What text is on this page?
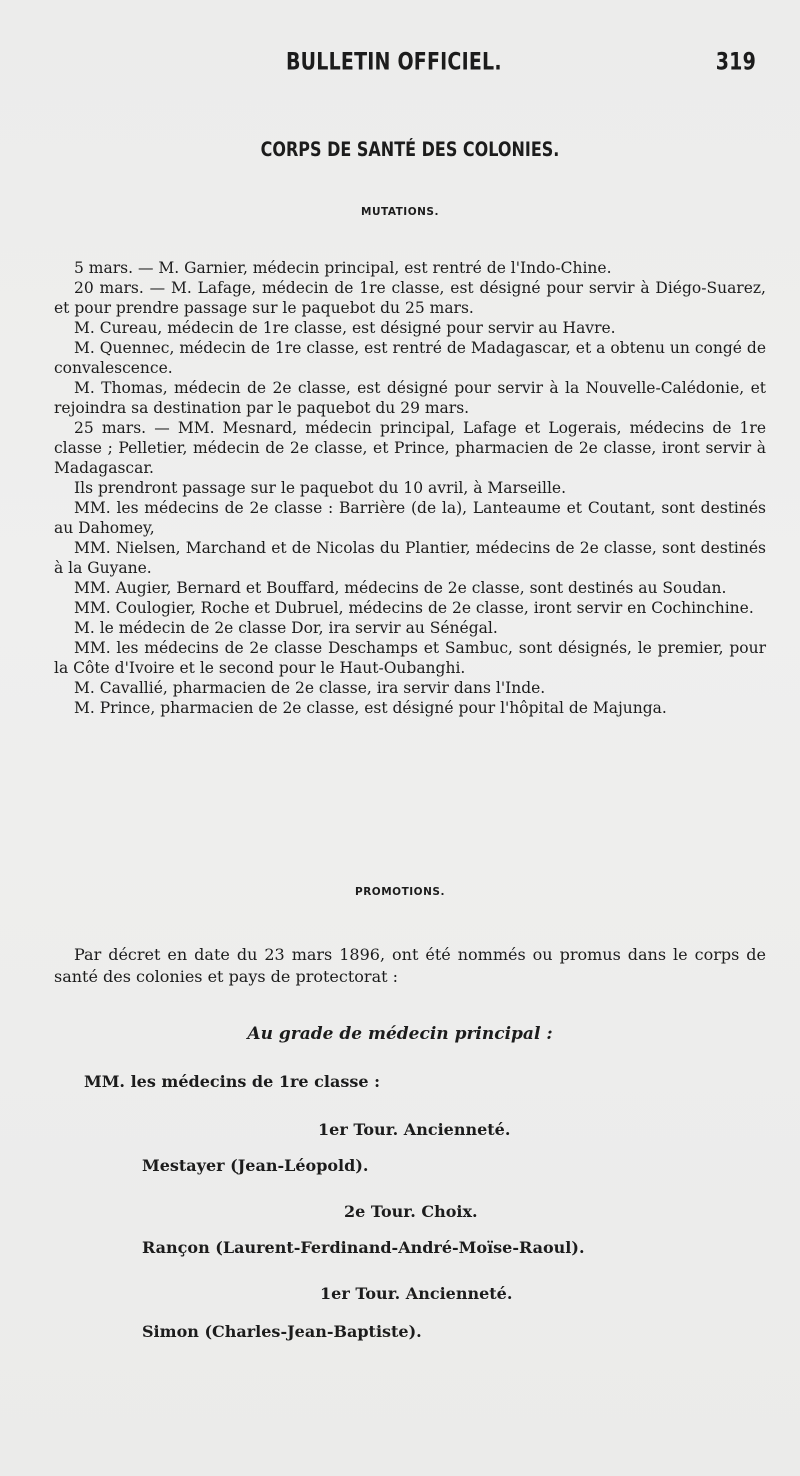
BULLETIN OFFICIEL.	319
CORPS DE SANTÉ DES COLONIES.
MUTATIONS.

5 mars. — M. Garnier, médecin principal, est rentré de l'Indo-Chine.

20 mars. — M. Lafage, médecin de 1re classe, est désigné pour servir à Diégo-Suarez, et pour prendre passage sur le paquebot du 25 mars.

M. Cureau, médecin de 1re classe, est désigné pour servir au Havre.

M. Quennec, médecin de 1re classe, est rentré de Madagascar, et a obtenu un congé de convalescence.

M. Thomas, médecin de 2e classe, est désigné pour servir à la Nouvelle-Calédonie, et rejoindra sa destination par le paquebot du 29 mars.

25 mars. — MM. Mesnard, médecin principal, Lafage et Logerais, médecins de 1re classe ; Pelletier, médecin de 2e classe, et Prince, pharmacien de 2e classe, iront servir à Madagascar.

Ils prendront passage sur le paquebot du 10 avril, à Marseille.

MM. les médecins de 2e classe : Barrière (de la), Lanteaume et Coutant, sont destinés au Dahomey,

MM. Nielsen, Marchand et de Nicolas du Plantier, médecins de 2e classe, sont destinés à la Guyane.

MM. Augier, Bernard et Bouffard, médecins de 2e classe, sont destinés au Soudan.

MM. Coulogier, Roche et Dubruel, médecins de 2e classe, iront servir en Cochinchine.

M. le médecin de 2e classe Dor, ira servir au Sénégal.

MM. les médecins de 2e classe Deschamps et Sambuc, sont désignés, le premier, pour la Côte d'Ivoire et le second pour le Haut-Oubanghi.

M. Cavallié, pharmacien de 2e classe, ira servir dans l'Inde.

M. Prince, pharmacien de 2e classe, est désigné pour l'hôpital de Majunga.

PROMOTIONS.

Par décret en date du 23 mars 1896, ont été nommés ou promus dans le corps de santé des colonies et pays de protectorat :

Au grade de médecin principal :
MM. les médecins de 1re classe :
1er Tour. Ancienneté.
Mestayer (Jean-Léopold).
2e Tour. Choix.
Rançon (Laurent-Ferdinand-André-Moïse-Raoul).
1er Tour. Ancienneté.
Simon (Charles-Jean-Baptiste).
